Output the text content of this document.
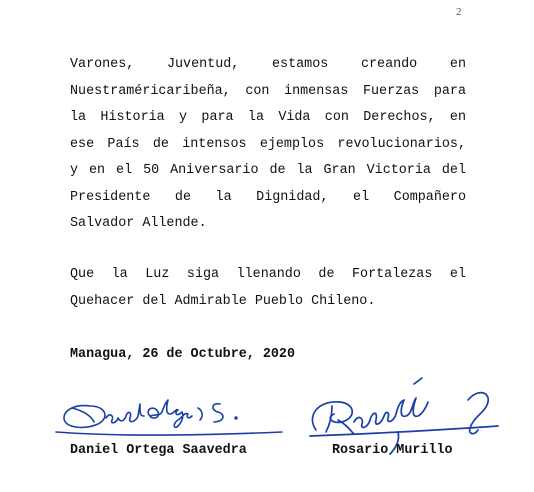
2
Varones, Juventud, estamos creando en
Nuestraméricaribeña, con inmensas Fuerzas para
la Historia y para la Vida con Derechos, en
ese País de intensos ejemplos revolucionarios,
y en el 50 Aniversario de la Gran Victoria del
Presidente de la Dignidad, el Compañero
Salvador Allende.
Que la Luz siga llenando de Fortalezas el
Quehacer del Admirable Pueblo Chileno.
Managua, 26 de Octubre, 2020
Daniel Ortega Saavedra	Rosario Murillo
